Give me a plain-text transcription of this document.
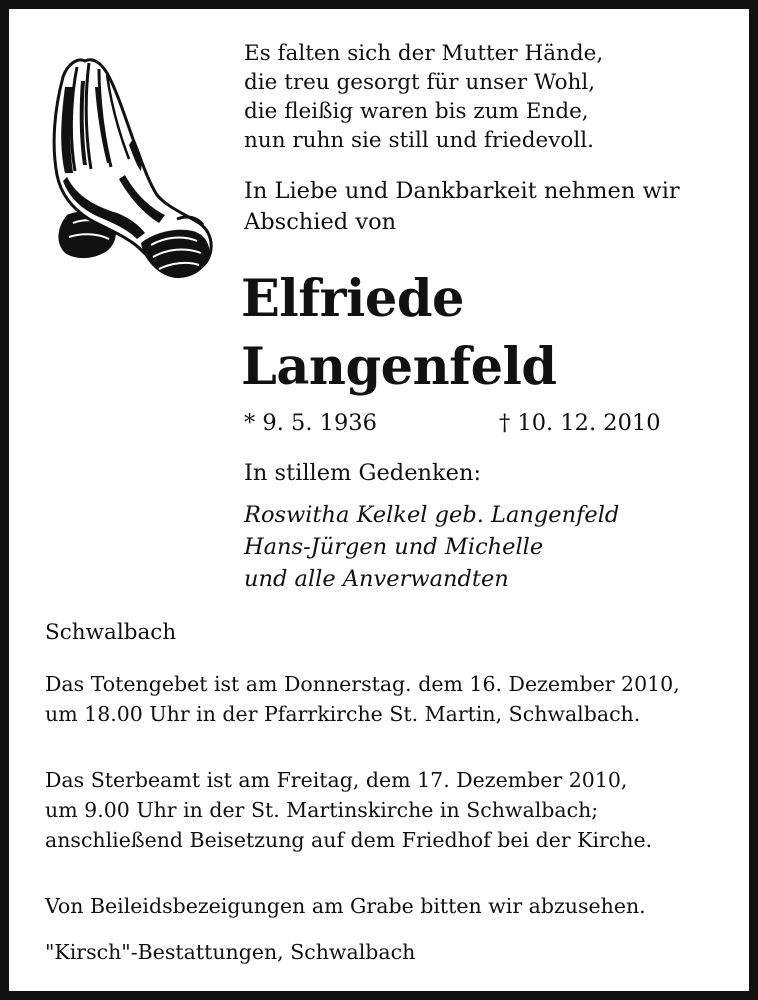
Es falten sich der Mutter Hände,
die treu gesorgt für unser Wohl,
die fleißig waren bis zum Ende,
nun ruhn sie still und friedevoll.

In Liebe und Dankbarkeit nehmen wir
Abschied von

Elfriede
Langenfeld

* 9. 5. 1936	† 10. 12. 2010

In stillem Gedenken:

Roswitha Kelkel geb. Langenfeld
Hans-Jürgen und Michelle
und alle Anverwandten

Schwalbach

Das Totengebet ist am Donnerstag. dem 16. Dezember 2010,
um 18.00 Uhr in der Pfarrkirche St. Martin, Schwalbach.

Das Sterbeamt ist am Freitag, dem 17. Dezember 2010,
um 9.00 Uhr in der St. Martinskirche in Schwalbach;
anschließend Beisetzung auf dem Friedhof bei der Kirche.

Von Beileidsbezeigungen am Grabe bitten wir abzusehen.

"Kirsch"-Bestattungen, Schwalbach
